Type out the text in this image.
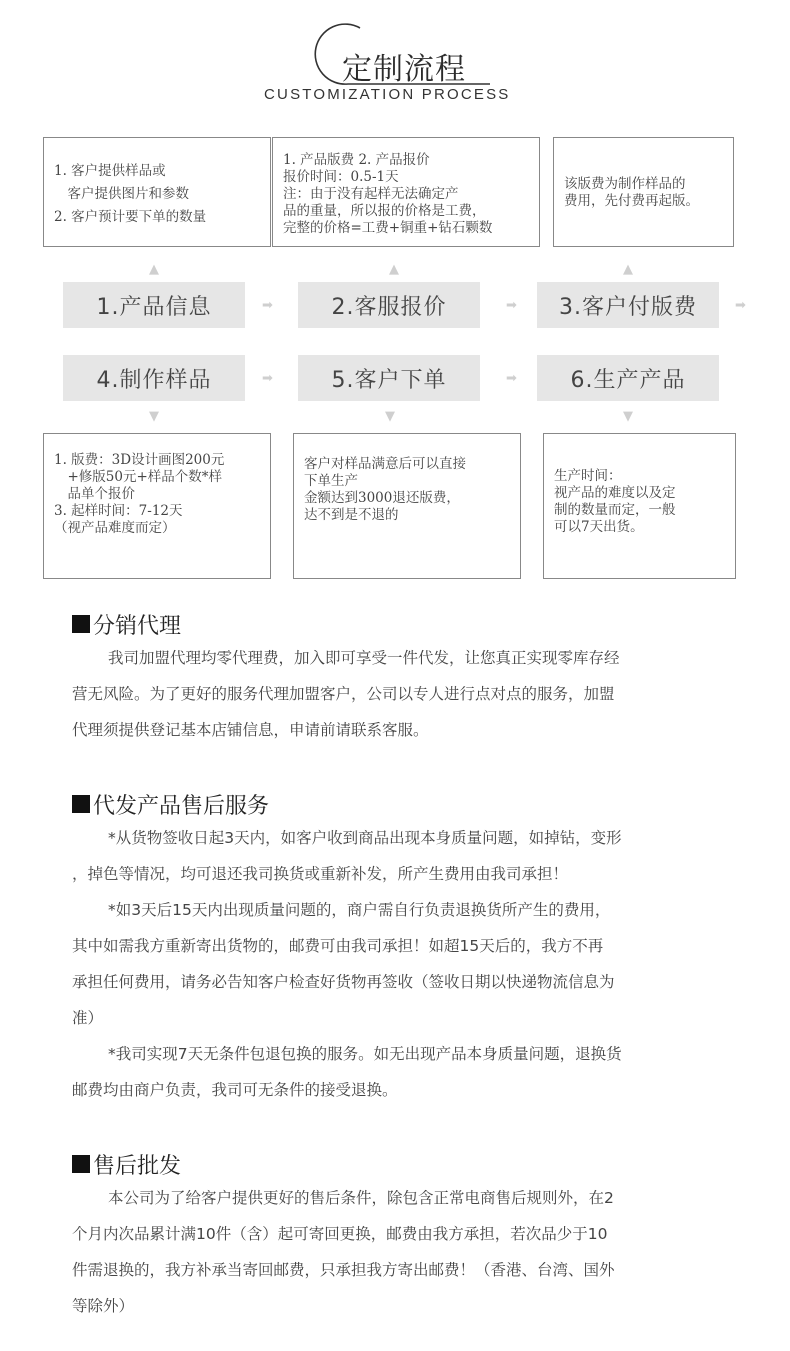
定制流程
CUSTOMIZATION PROCESS
1. 客户提供样品或
　客户提供图片和参数
2. 客户预计要下单的数量
1. 产品版费 2. 产品报价
报价时间：0.5-1天
注：由于没有起样无法确定产
品的重量，所以报的价格是工费，
完整的价格=工费+铜重+钻石颗数
该版费为制作样品的
费用，先付费再起版。
▲	▲	▲
1.产品信息	➡	2.客服报价	➡	3.客户付版费	➡
4.制作样品	➡	5.客户下单	➡	6.生产产品
▼	▼	▼
1. 版费：3D设计画图200元
　+修版50元+样品个数*样
　品单个报价
3. 起样时间：7-12天
（视产品难度而定）
客户对样品满意后可以直接
下单生产
金额达到3000退还版费，
达不到是不退的
生产时间：
视产品的难度以及定
制的数量而定，一般
可以7天出货。
分销代理
我司加盟代理均零代理费，加入即可享受一件代发，让您真正实现零库存经
营无风险。为了更好的服务代理加盟客户，公司以专人进行点对点的服务，加盟
代理须提供登记基本店铺信息，申请前请联系客服。
代发产品售后服务
*从货物签收日起3天内，如客户收到商品出现本身质量问题，如掉钻，变形
，掉色等情况，均可退还我司换货或重新补发，所产生费用由我司承担！
*如3天后15天内出现质量问题的，商户需自行负责退换货所产生的费用，
其中如需我方重新寄出货物的，邮费可由我司承担！如超15天后的，我方不再
承担任何费用，请务必告知客户检查好货物再签收（签收日期以快递物流信息为
准）
*我司实现7天无条件包退包换的服务。如无出现产品本身质量问题，退换货
邮费均由商户负责，我司可无条件的接受退换。
售后批发
本公司为了给客户提供更好的售后条件，除包含正常电商售后规则外，在2
个月内次品累计满10件（含）起可寄回更换，邮费由我方承担，若次品少于10
件需退换的，我方补承当寄回邮费，只承担我方寄出邮费！（香港、台湾、国外
等除外）
